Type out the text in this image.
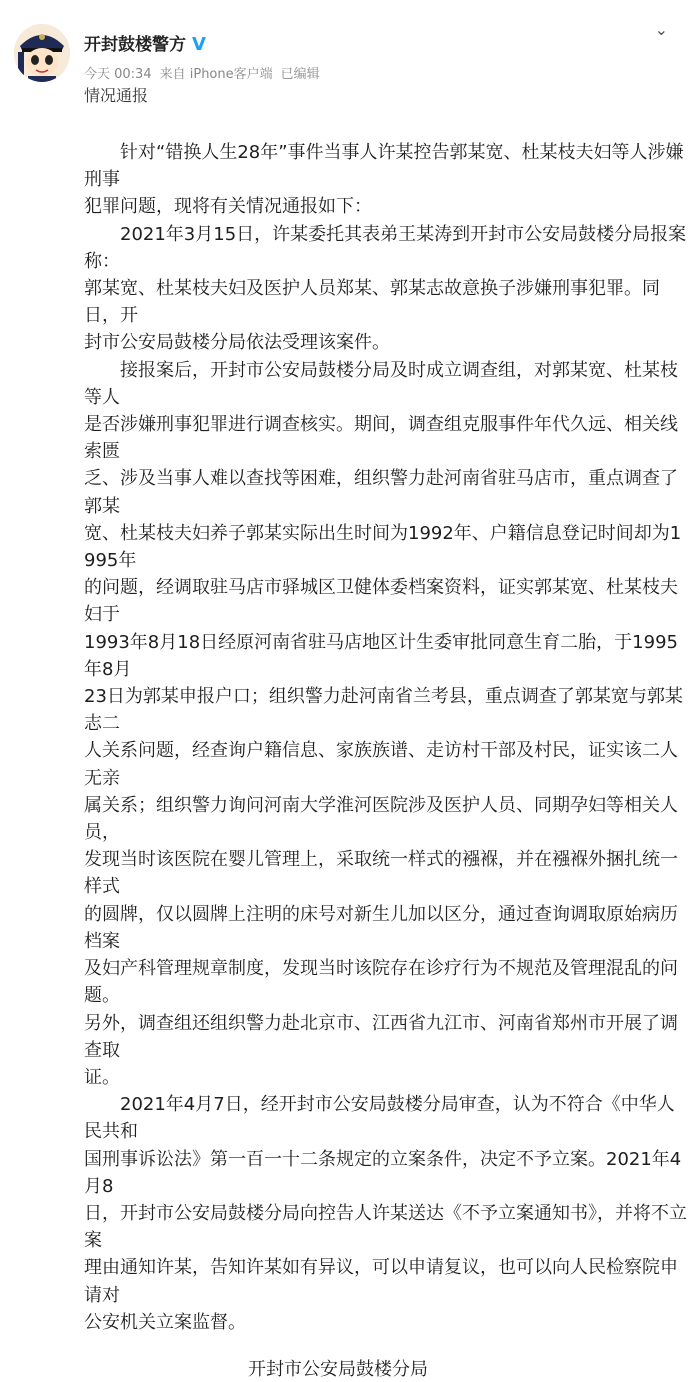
开封鼓楼警方 V
今天 00:34 来自 iPhone客户端 已编辑
⌄
情况通报
　　针对“错换人生28年”事件当事人许某控告郭某宽、杜某枝夫妇等人涉嫌刑事
犯罪问题，现将有关情况通报如下：
　　2021年3月15日，许某委托其表弟王某涛到开封市公安局鼓楼分局报案称：
郭某宽、杜某枝夫妇及医护人员郑某、郭某志故意换子涉嫌刑事犯罪。同日，开
封市公安局鼓楼分局依法受理该案件。
　　接报案后，开封市公安局鼓楼分局及时成立调查组，对郭某宽、杜某枝等人
是否涉嫌刑事犯罪进行调查核实。期间，调查组克服事件年代久远、相关线索匮
乏、涉及当事人难以查找等困难，组织警力赴河南省驻马店市，重点调查了郭某
宽、杜某枝夫妇养子郭某实际出生时间为1992年、户籍信息登记时间却为1995年
的问题，经调取驻马店市驿城区卫健体委档案资料，证实郭某宽、杜某枝夫妇于
1993年8月18日经原河南省驻马店地区计生委审批同意生育二胎，于1995年8月
23日为郭某申报户口；组织警力赴河南省兰考县，重点调查了郭某宽与郭某志二
人关系问题，经查询户籍信息、家族族谱、走访村干部及村民，证实该二人无亲
属关系；组织警力询问河南大学淮河医院涉及医护人员、同期孕妇等相关人员，
发现当时该医院在婴儿管理上，采取统一样式的襁褓，并在襁褓外捆扎统一样式
的圆牌，仅以圆牌上注明的床号对新生儿加以区分，通过查询调取原始病历档案
及妇产科管理规章制度，发现当时该院存在诊疗行为不规范及管理混乱的问题。
另外，调查组还组织警力赴北京市、江西省九江市、河南省郑州市开展了调查取
证。
　　2021年4月7日，经开封市公安局鼓楼分局审查，认为不符合《中华人民共和
国刑事诉讼法》第一百一十二条规定的立案条件，决定不予立案。2021年4月8
日，开封市公安局鼓楼分局向控告人许某送达《不予立案通知书》，并将不立案
理由通知许某，告知许某如有异议，可以申请复议，也可以向人民检察院申请对
公安机关立案监督。
开封市公安局鼓楼分局
